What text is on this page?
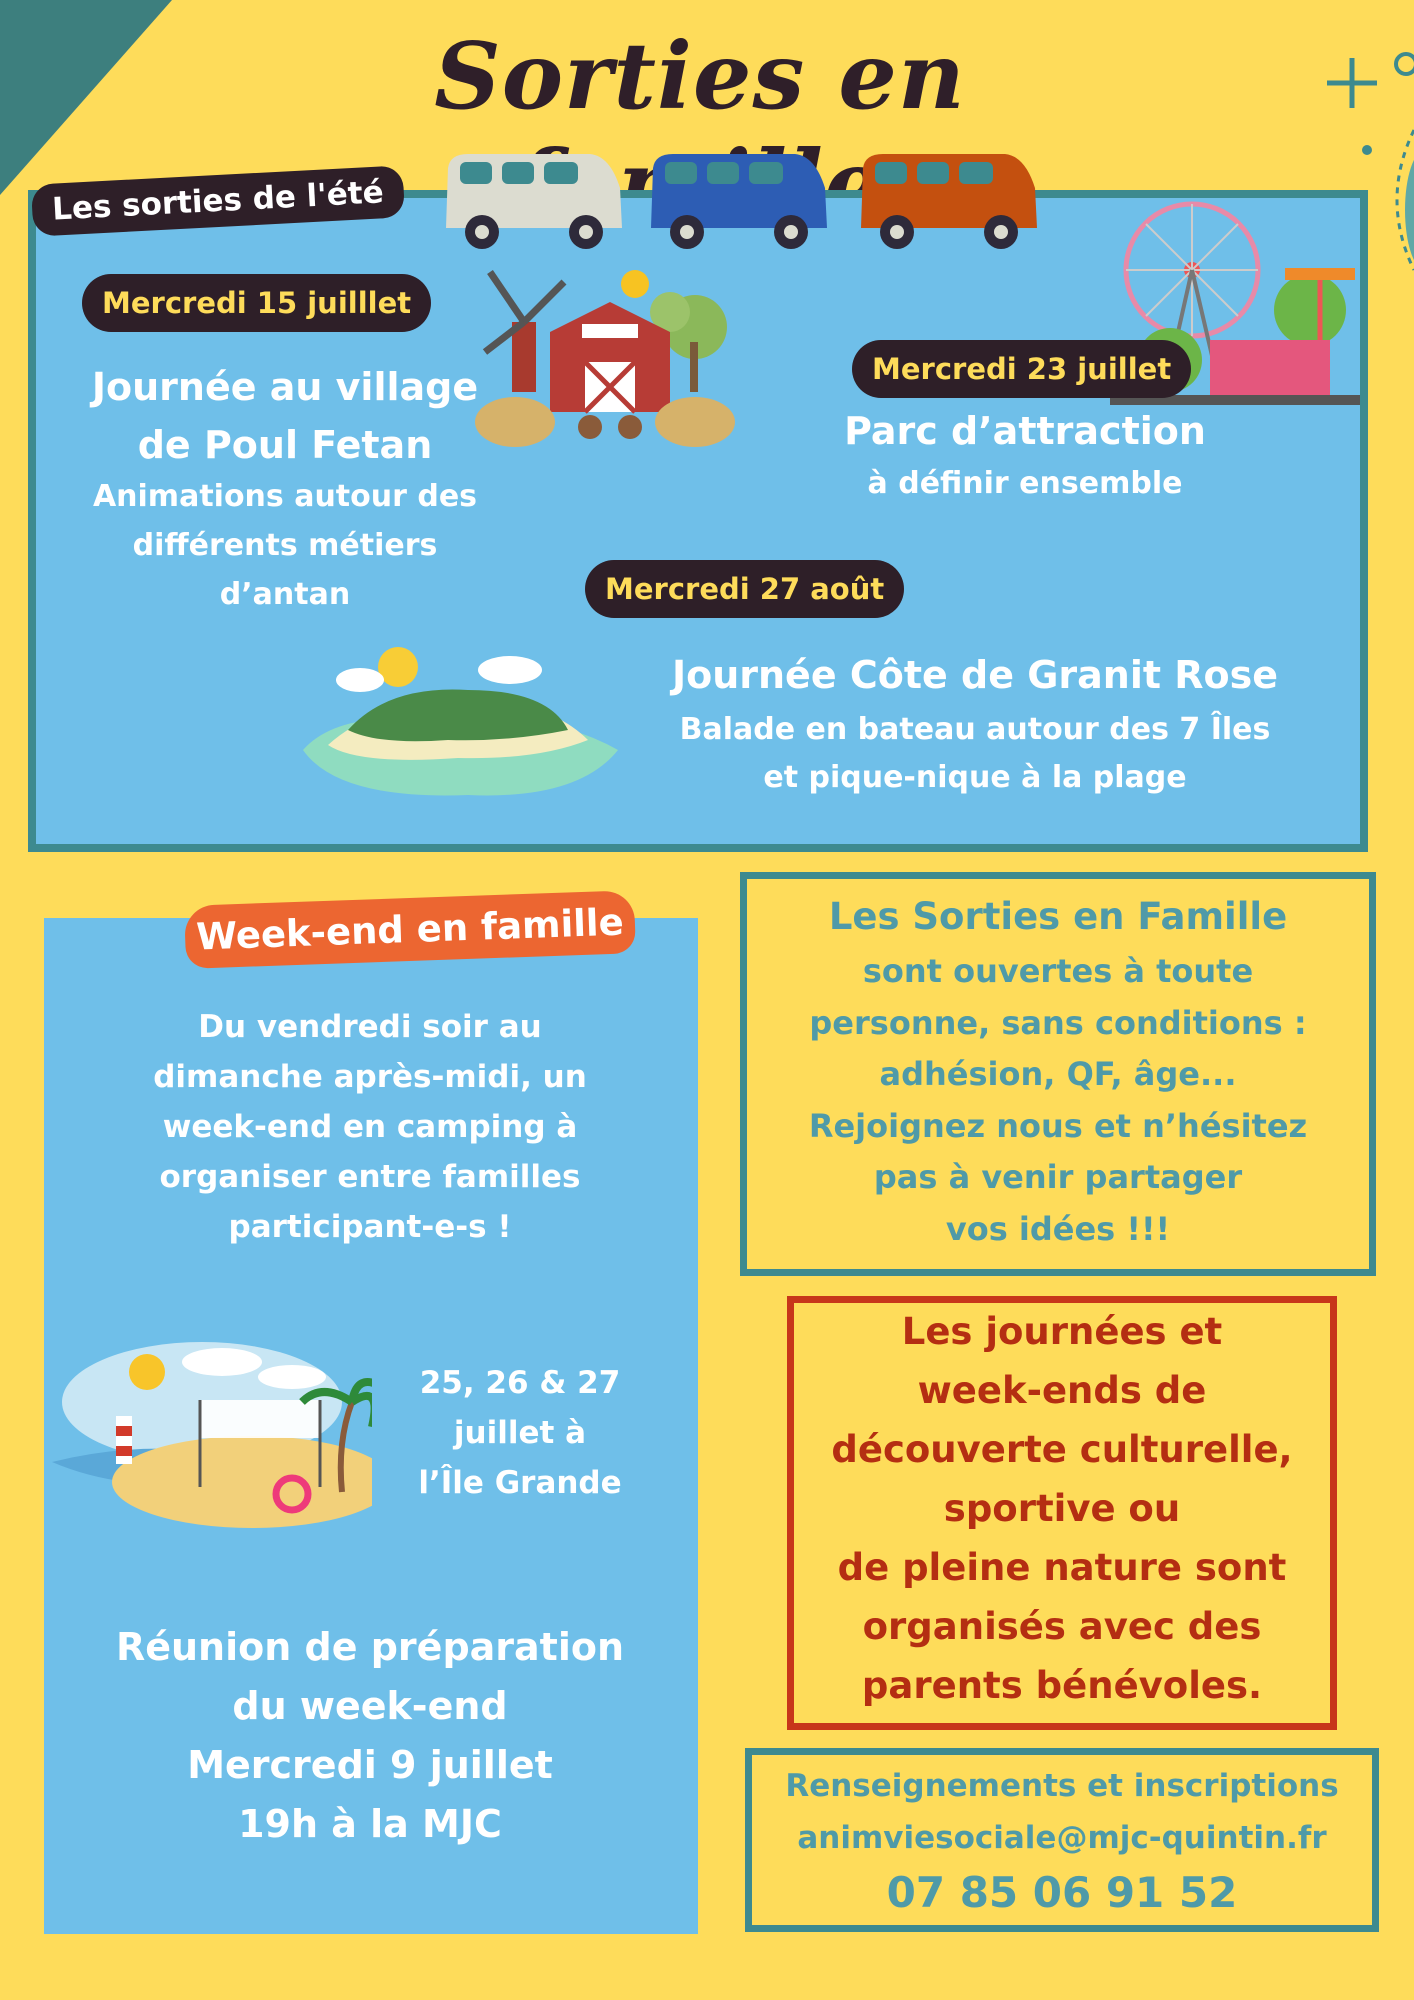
Sorties en
Les sorties de l'été
Mercredi 15 juilllet
Journée au village
de Poul Fetan
Animations autour des
différents métiers
d’antan
Mercredi 23 juillet
Parc d’attraction
à définir ensemble
Mercredi 27 août
Journée Côte de Granit Rose
Balade en bateau autour des 7 Îles
et pique-nique à la plage
Week-end en famille
Du vendredi soir au
dimanche après-midi, un
week-end en camping à
organiser entre familles
participant-e-s !
25, 26 & 27
juillet à
l’Île Grande
Réunion de préparation
du week-end
Mercredi 9 juillet
19h à la MJC
Les Sorties en Famille
sont ouvertes à toute
personne, sans conditions :
adhésion, QF, âge...
Rejoignez nous et n’hésitez
pas à venir partager
vos idées !!!
Les journées et
week-ends de
découverte culturelle,
sportive ou
de pleine nature sont
organisés avec des
parents bénévoles.
Renseignements et inscriptions
animviesociale@mjc-quintin.fr
07 85 06 91 52
